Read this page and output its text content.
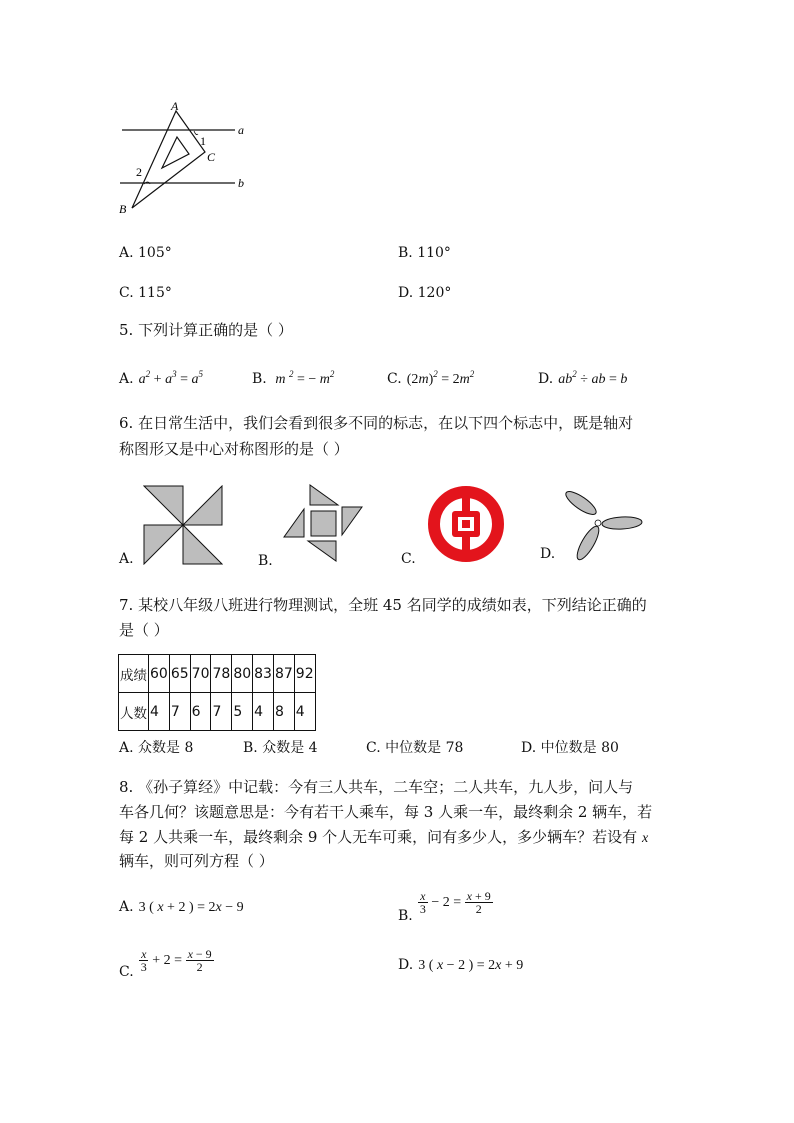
A
1
C
a
2
b
B
A. 105°	B. 110°
C. 115°	D. 120°
5. 下列计算正确的是（ ）
A. $a^2 + a^3 = a^5$	B.  m $^2$ = − $m^2$	C. $(2m)^2 = 2m^2$	D. $ab^2$ ÷ ab = b
6. 在日常生活中，我们会看到很多不同的标志，在以下四个标志中，既是轴对
称图形又是中心对称图形的是（ ）
A.	B.	C.	D.
7. 某校八年级八班进行物理测试，全班 45 名同学的成绩如表，下列结论正确的
是（ ）
成绩	60	65	70	78	80	83	87	92
人数	4	7	6	7	5	4	8	4
A. 众数是 8	B. 众数是 4	C. 中位数是 78	D. 中位数是 80
8. 《孙子算经》中记载：今有三人共车，二车空；二人共车，九人步，问人与
车各几何？该题意思是：今有若干人乘车，每 3 人乘一车，最终剩余 2 辆车，若
每 2 人共乘一车，最终剩余 9 个人无车可乘，问有多少人，多少辆车？若设有 x
辆车，则可列方程（ ）
A. 3 ( x + 2 ) = 2x − 9
B.
$\frac{x}{3} - 2 = \frac{x + 9}{2}$
C. $\frac{x}{3} + 2 = \frac{x - 9}{2}$	D. 3 ( x − 2 ) = 2x + 9
